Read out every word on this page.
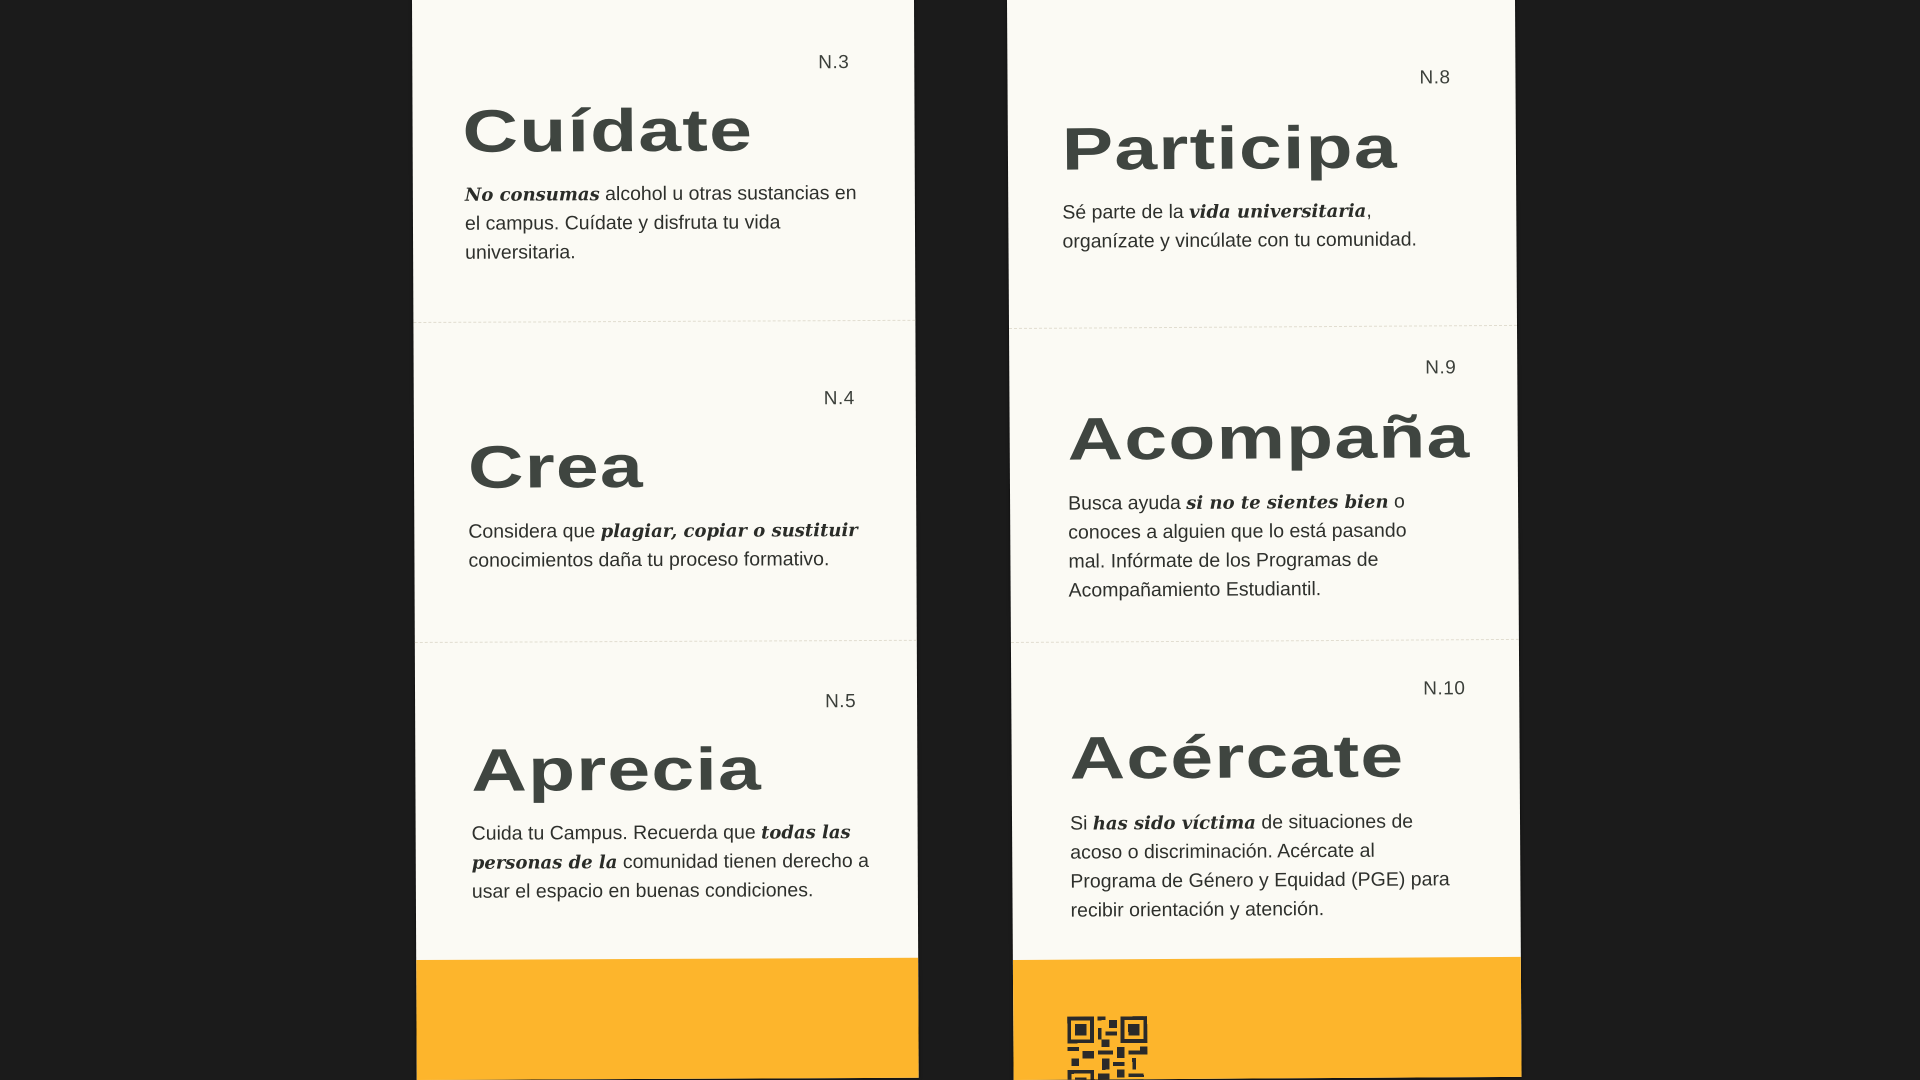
N.3
Cuídate

No consumas alcohol u otras sustancias en el campus. Cuídate y disfruta tu vida universitaria.

N.4
Crea

Considera que plagiar, copiar o sustituir conocimientos daña tu proceso formativo.

N.5
Aprecia

Cuida tu Campus. Recuerda que todas las personas de la comunidad tienen derecho a usar el espacio en buenas condiciones.

N.8
Participa

Sé parte de la vida universitaria, organízate y vincúlate con tu comunidad.

N.9
Acompaña

Busca ayuda si no te sientes bien o conoces a alguien que lo está pasando mal. Infórmate de los Programas de Acompañamiento Estudiantil.

N.10
Acércate

Si has sido víctima de situaciones de acoso o discriminación. Acércate al Programa de Género y Equidad (PGE) para recibir orientación y atención.
